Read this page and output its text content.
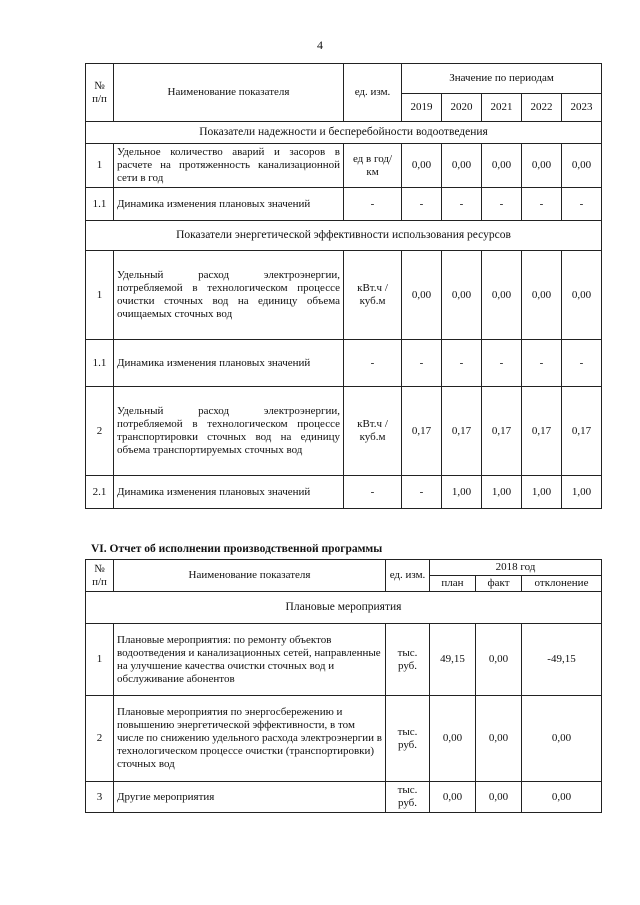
4
№ п/п	Наименование показателя	ед. изм.	Значение по периодам				
			2019	2020	2021	2022	2023
Показатели надежности и бесперебойности водоотведения							
1	Удельное количество аварий и засоров в расчете на протяженность канализационной сети в год	ед в год/ км	0,00	0,00	0,00	0,00	0,00
1.1	Динамика изменения плановых значений	-	-	-	-	-	-
Показатели энергетической эффективности использования ресурсов							
1	Удельный расход электроэнергии, потребляемой в технологическом процессе очистки сточных вод на единицу объема очищаемых сточных вод	кВт.ч / куб.м	0,00	0,00	0,00	0,00	0,00
1.1	Динамика изменения плановых значений	-	-	-	-	-	-
2	Удельный расход электроэнергии, потребляемой в технологическом процессе транспортировки сточных вод на единицу объема транспортируемых сточных вод	кВт.ч / куб.м	0,17	0,17	0,17	0,17	0,17
2.1	Динамика изменения плановых значений	-	-	1,00	1,00	1,00	1,00
VI. Отчет об исполнении производственной программы
№ п/п	Наименование показателя	ед. изм.	2018 год		
			план	факт	отклонение
Плановые мероприятия					
1	Плановые мероприятия: по ремонту объектов водоотведения и канализационных сетей, направленные на улучшение качества очистки сточных вод и обслуживание абонентов	тыс. руб.	49,15	0,00	-49,15
2	Плановые мероприятия по энергосбережению и повышению энергетической эффективности, в том числе по снижению удельного расхода электроэнергии в технологическом процессе очистки (транспортировки) сточных вод	тыс. руб.	0,00	0,00	0,00
3	Другие мероприятия	тыс. руб.	0,00	0,00	0,00
